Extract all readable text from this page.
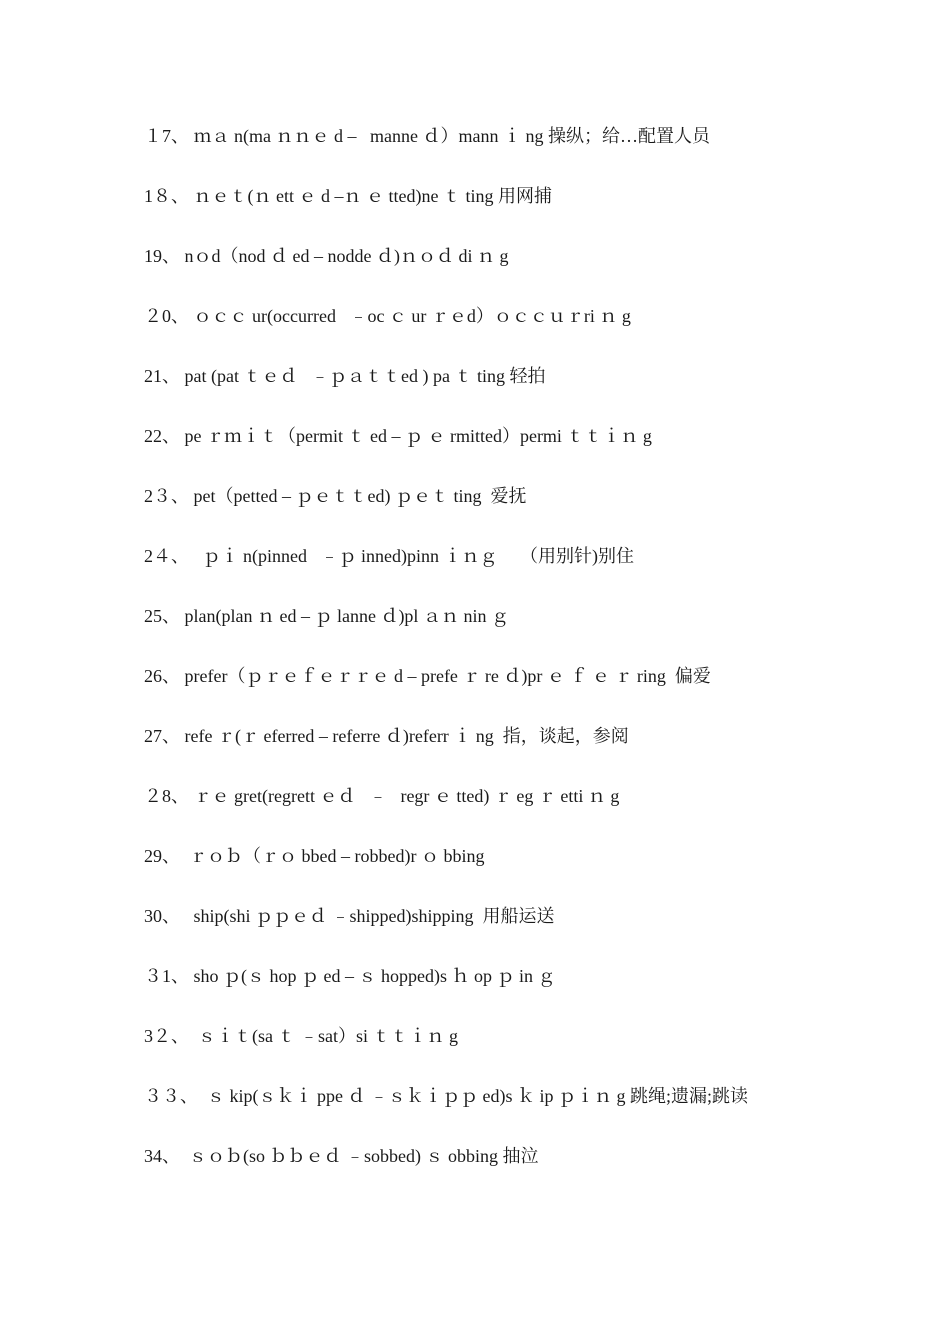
１7、 ｍａ n(ma ｎｎｅ d –   manne ｄ）mann ｉ ng 操纵；给…配置人员
1８、 ｎｅｔ(ｎ ett ｅ d –ｎ ｅ tted)ne ｔ ting 用网捕
19、 nｏd（nod ｄ ed – nodde ｄ)ｎｏｄ di ｎ g
２0、 ｏｃｃ ur(occurred   ﹣oc ｃ ur ｒｅd）ｏｃｃｕｒri ｎ g
21、 pat (pat ｔｅｄ   ﹣ｐａｔｔed ) pa ｔ ting 轻拍
22、 pe ｒｍｉｔ（permit ｔ ed – ｐ ｅ rmitted）permi ｔｔｉｎ g
2３、 pet（petted – ｐｅｔｔed) ｐｅｔ ting  爱抚
2４、   ｐｉ n(pinned   ﹣ｐ inned)pinn ｉｎｇ     （用别针)别住
25、 plan(plan ｎ ed – ｐ lanne ｄ)pl ａｎ nin ｇ
26、 prefer（ｐｒｅｆｅｒｒｅ d – prefe ｒ re ｄ)pr ｅ ｆ ｅ ｒ ring  偏爱
27、 refe ｒ(ｒ eferred – referre ｄ)referr ｉ ng  指，谈起，参阅
２8、 ｒｅ gret(regrett ｅｄ   ﹣   regr ｅ tted) ｒ eg ｒ etti ｎ g
29、  ｒｏｂ（ｒｏ bbed – robbed)r ｏ bbing
30、   ship(shi ｐｐｅｄ ﹣shipped)shipping  用船运送
３1、 sho ｐ(ｓ hop ｐ ed – ｓ hopped)s ｈ op ｐ in ｇ
3２、  ｓｉｔ(sa ｔ ﹣sat）si ｔｔｉｎ g
３３、  ｓ kip(ｓｋｉ ppe ｄ ﹣ｓｋｉｐｐ ed)s ｋ ip ｐｉｎ g 跳绳;遗漏;跳读
34、  ｓｏｂ(so ｂｂｅｄ ﹣sobbed) ｓ obbing 抽泣
